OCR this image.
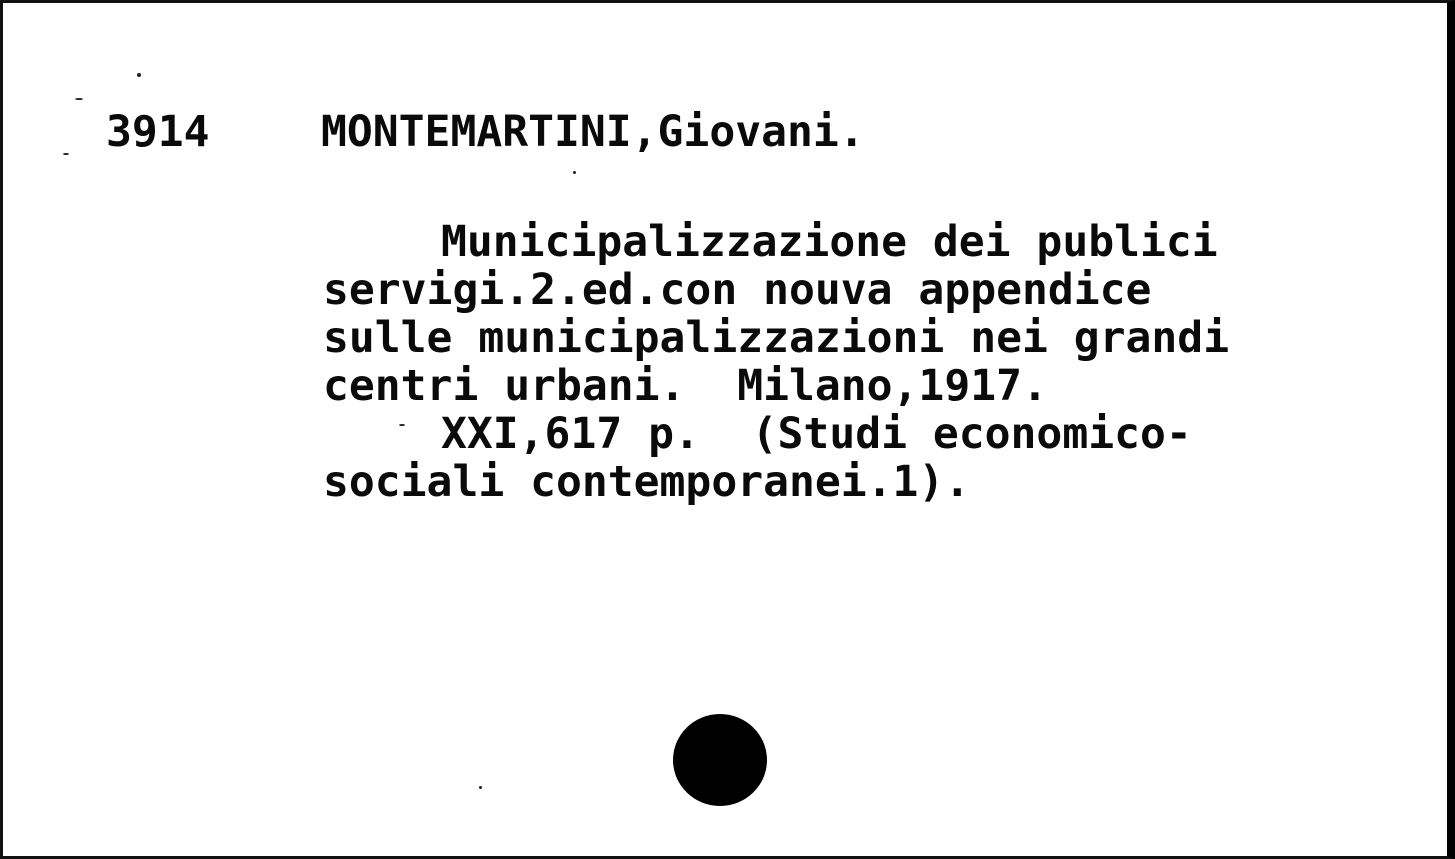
3914	MONTEMARTINI,Giovani.
Municipalizzazione dei publici
servigi.2.ed.con nouva appendice
sulle municipalizzazioni nei grandi
centri urbani.  Milano,1917.
XXI,617 p.  (Studi economico-
sociali contemporanei.1).
